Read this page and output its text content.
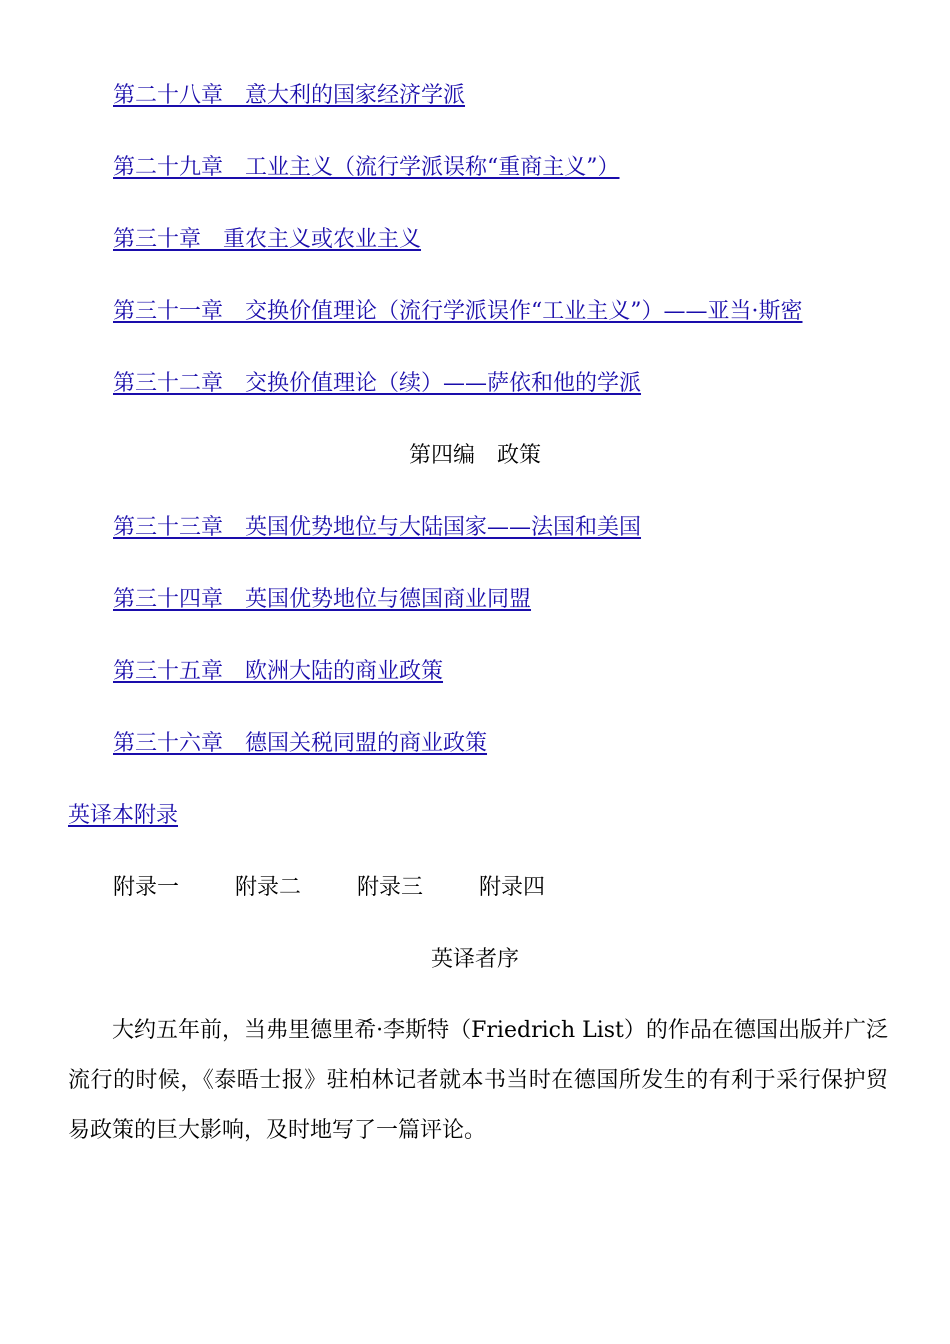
第二十八章　意大利的国家经济学派
第二十九章　工业主义（流行学派误称“重商主义”）
第三十章　重农主义或农业主义
第三十一章　交换价值理论（流行学派误作“工业主义”）——亚当·斯密
第三十二章　交换价值理论（续）——萨依和他的学派
第四编　政策
第三十三章　英国优势地位与大陆国家——法国和美国
第三十四章　英国优势地位与德国商业同盟
第三十五章　欧洲大陆的商业政策
第三十六章　德国关税同盟的商业政策
英译本附录
附录一	附录二	附录三	附录四
英译者序

大约五年前，当弗里德里希·李斯特（Friedrich List）的作品在德国出版并广泛流行的时候，《泰晤士报》驻柏林记者就本书当时在德国所发生的有利于采行保护贸易政策的巨大影响，及时地写了一篇评论。
